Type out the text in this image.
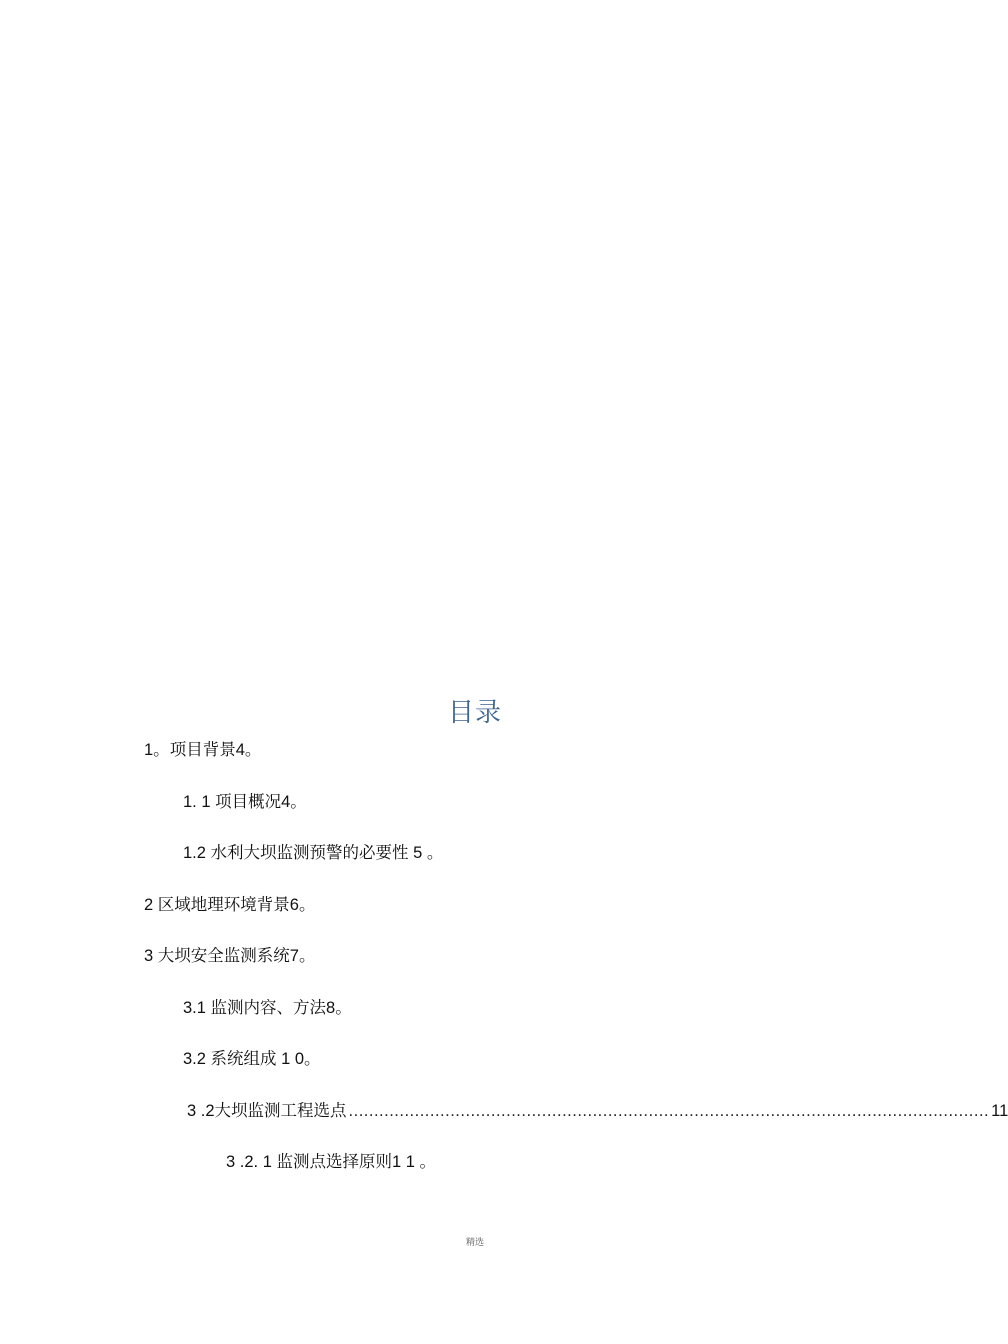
目录
1。项目背景4。
1. 1 项目概况4。
1.2 水利大坝监测预警的必要性 5 。
2 区域地理环境背景6。
3 大坝安全监测系统7。
3.1 监测内容、方法8。
3.2 系统组成 1 0。
3 .2 大坝监测工程选点 .............................................................................................................................. 11
3 .2. 1 监测点选择原则1 1 。
精选
